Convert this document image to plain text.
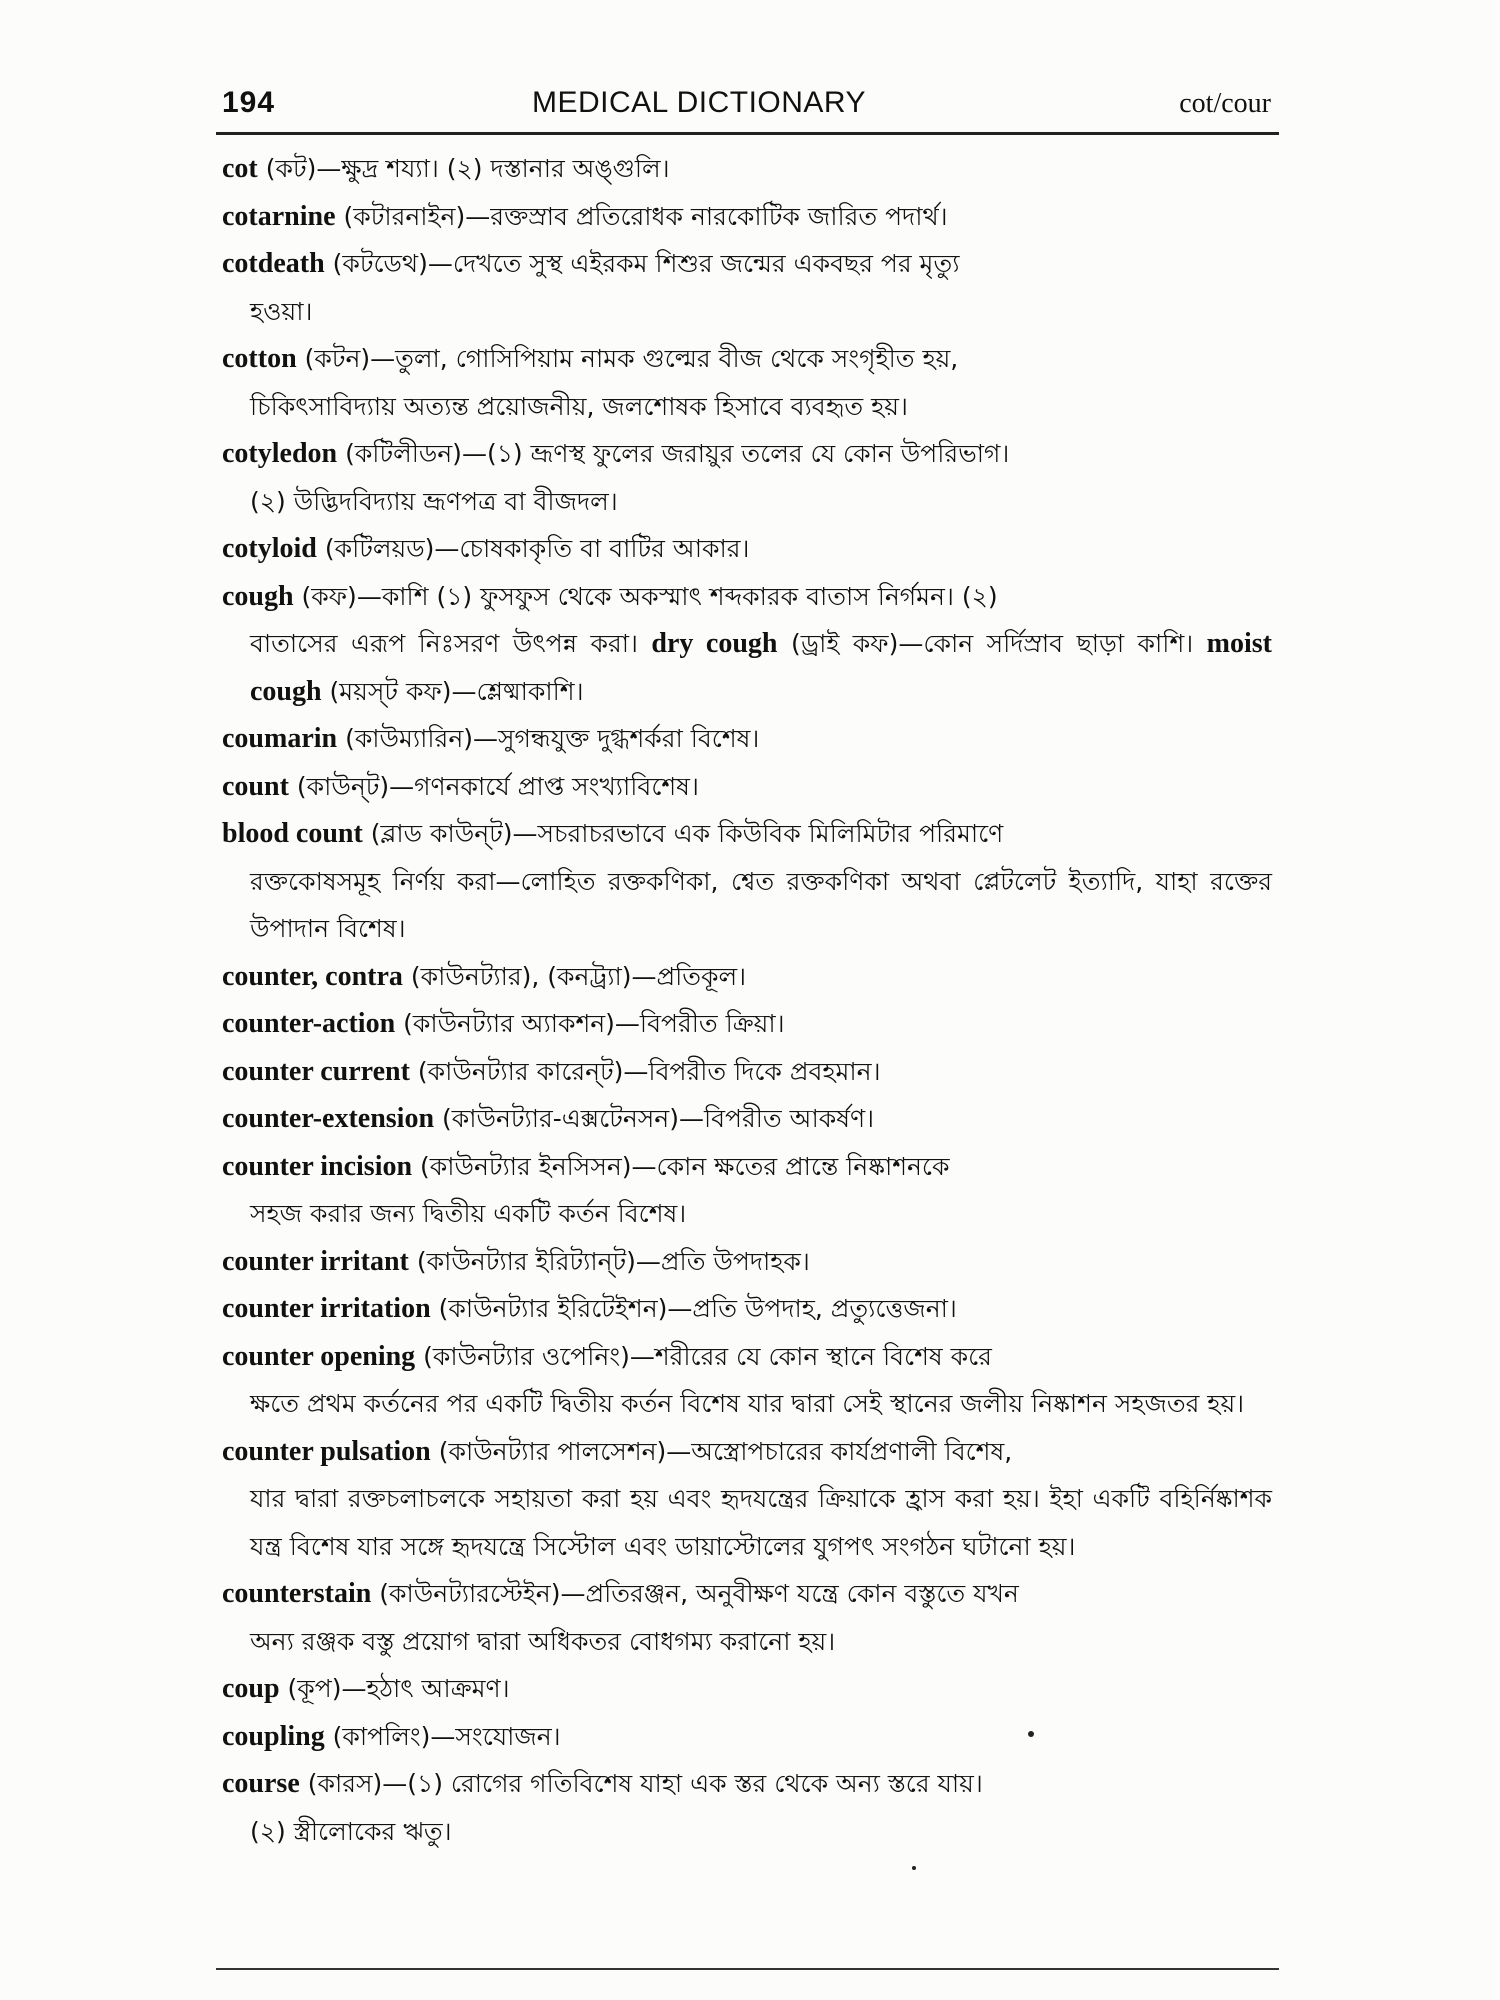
194	MEDICAL DICTIONARY	cot/cour
cot (কট)—ক্ষুদ্র শয্যা। (২) দস্তানার অঙ্গুলি।
cotarnine (কটারনাইন)—রক্তস্রাব প্রতিরোধক নারকোটিক জারিত পদার্থ।
cotdeath (কটডেথ)—দেখতে সুস্থ এইরকম শিশুর জন্মের একবছর পর মৃত্যু
হওয়া।
cotton (কটন)—তুলা, গোসিপিয়াম নামক গুল্মের বীজ থেকে সংগৃহীত হয়,
চিকিৎসাবিদ্যায় অত্যন্ত প্রয়োজনীয়, জলশোষক হিসাবে ব্যবহৃত হয়।
cotyledon (কটিলীডন)—(১) ভ্রূণস্থ ফুলের জরায়ুর তলের যে কোন উপরিভাগ।
(২) উদ্ভিদবিদ্যায় ভ্রূণপত্র বা বীজদল।
cotyloid (কটিলয়ড)—চোষকাকৃতি বা বাটির আকার।
cough (কফ)—কাশি (১) ফুসফুস থেকে অকস্মাৎ শব্দকারক বাতাস নির্গমন। (২)
বাতাসের এরূপ নিঃসরণ উৎপন্ন করা। dry cough (ড্রাই কফ)—কোন সর্দিস্রাব ছাড়া কাশি। moist cough (ময়স্‌ট কফ)—শ্লেষ্মাকাশি।
coumarin (কাউম্যারিন)—সুগন্ধযুক্ত দুগ্ধশর্করা বিশেষ।
count (কাউন্‌ট)—গণনকার্যে প্রাপ্ত সংখ্যাবিশেষ।
blood count (ব্লাড কাউন্‌ট)—সচরাচরভাবে এক কিউবিক মিলিমিটার পরিমাণে
রক্তকোষসমূহ নির্ণয় করা—লোহিত রক্তকণিকা, শ্বেত রক্তকণিকা অথবা প্লেটলেট ইত্যাদি, যাহা রক্তের উপাদান বিশেষ।
counter, contra (কাউনট্যার), (কনট্র্যা)—প্রতিকূল।
counter-action (কাউনট্যার অ্যাকশন)—বিপরীত ক্রিয়া।
counter current (কাউনট্যার কারেন্‌ট)—বিপরীত দিকে প্রবহমান।
counter-extension (কাউনট্যার-এক্সটেনসন)—বিপরীত আকর্ষণ।
counter incision (কাউনট্যার ইনসিসন)—কোন ক্ষতের প্রান্তে নিষ্কাশনকে
সহজ করার জন্য দ্বিতীয় একটি কর্তন বিশেষ।
counter irritant (কাউনট্যার ইরিট্যান্‌ট)—প্রতি উপদাহক।
counter irritation (কাউনট্যার ইরিটেইশন)—প্রতি উপদাহ, প্রত্যুত্তেজনা।
counter opening (কাউনট্যার ওপেনিং)—শরীরের যে কোন স্থানে বিশেষ করে
ক্ষতে প্রথম কর্তনের পর একটি দ্বিতীয় কর্তন বিশেষ যার দ্বারা সেই স্থানের জলীয় নিষ্কাশন সহজতর হয়।
counter pulsation (কাউনট্যার পালসেশন)—অস্ত্রোপচারের কার্যপ্রণালী বিশেষ,
যার দ্বারা রক্তচলাচলকে সহায়তা করা হয় এবং হৃদযন্ত্রের ক্রিয়াকে হ্রাস করা হয়। ইহা একটি বহির্নিষ্কাশক যন্ত্র বিশেষ যার সঙ্গে হৃদযন্ত্রে সিস্টোল এবং ডায়াস্টোলের যুগপৎ সংগঠন ঘটানো হয়।
counterstain (কাউনট্যারস্টেইন)—প্রতিরঞ্জন, অনুবীক্ষণ যন্ত্রে কোন বস্তুতে যখন
অন্য রঞ্জক বস্তু প্রয়োগ দ্বারা অধিকতর বোধগম্য করানো হয়।
coup (কূপ)—হঠাৎ আক্রমণ।
coupling (কাপলিং)—সংযোজন।
course (কারস)—(১) রোগের গতিবিশেষ যাহা এক স্তর থেকে অন্য স্তরে যায়।
(২) স্ত্রীলোকের ঋতু।
